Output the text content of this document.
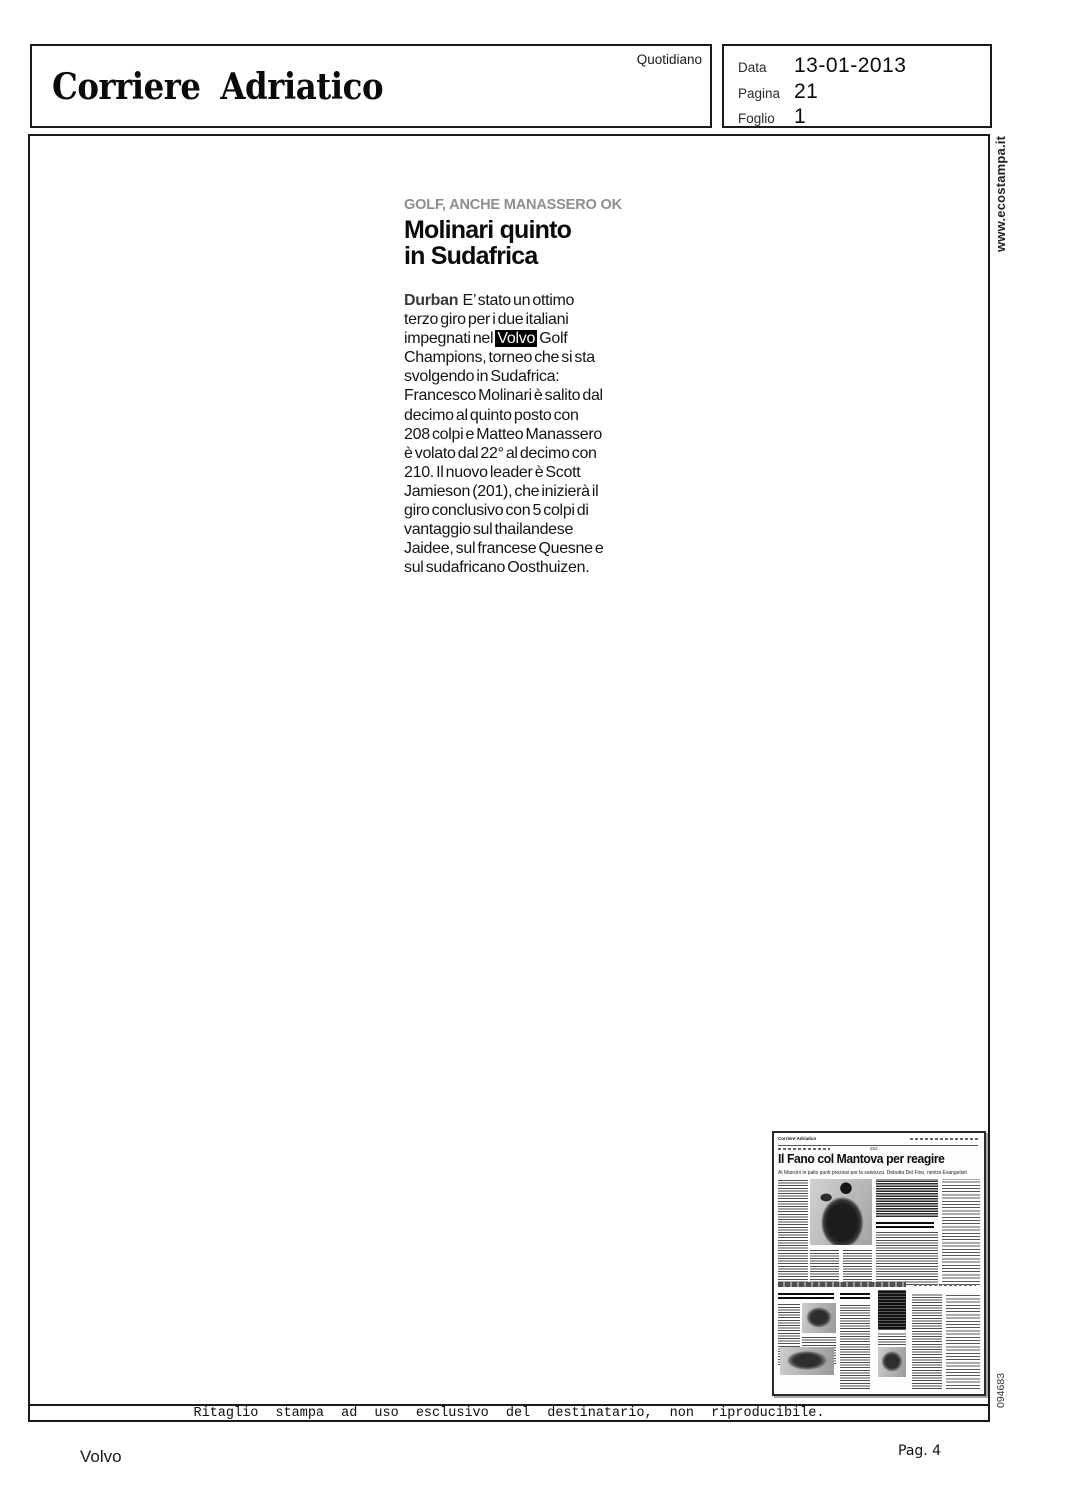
Corriere Adriatico
Quotidiano
Data	13-01-2013
Pagina 21
Foglio 1
GOLF, ANCHE MANASSERO OK
Molinari quinto
in Sudafrica
Durban  E’ stato un ottimo
terzo giro per i due italiani
impegnati nel Volvo Golf
Champions, torneo che si sta
svolgendo in Sudafrica:
Francesco Molinari è salito dal
decimo al quinto posto con
208 colpi e Matteo Manassero
è volato dal 22° al decimo con
210. Il nuovo leader è Scott
Jamieson (201), che inizierà il
giro conclusivo con 5 colpi di
vantaggio sul thailandese
Jaidee, sul francese Quesne e
sul sudafricano Oosthuizen.
www.ecostampa.it
094683
Corriere Adriatico
252
Il Fano col Mantova per reagire
Al Mancini in palio punti preziosi per la salvezza. Debutta Del Fino, rientra Evangelisti
Ritaglio stampa ad uso esclusivo del destinatario, non riproducibile.
Volvo	Pag. 4
